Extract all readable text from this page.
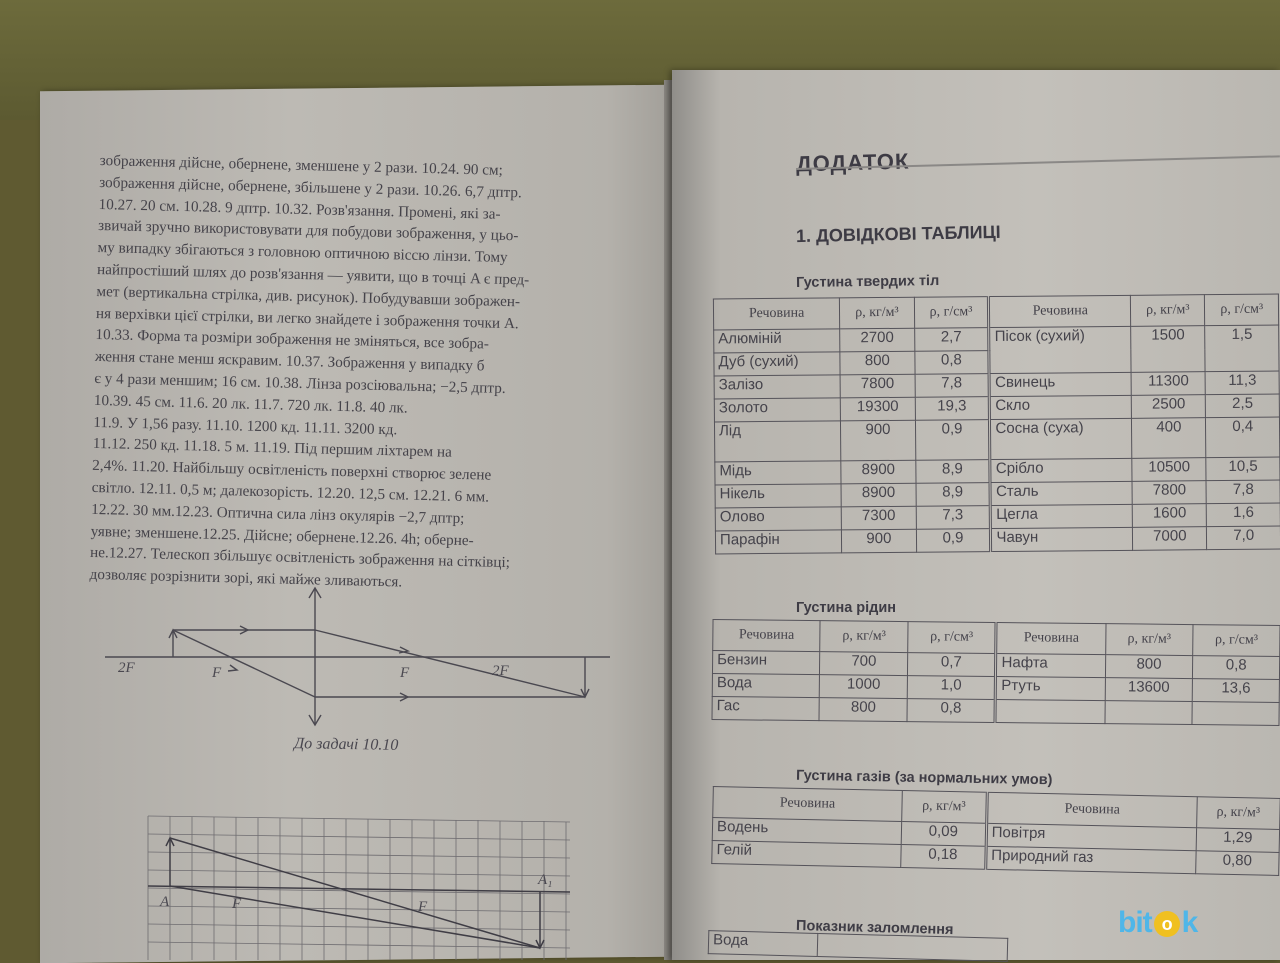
зображення дійсне, обернене, зменшене у 2 рази. 10.24. 90 см;

зображення дійсне, обернене, збільшене у 2 рази. 10.26. 6,7 дптр.

10.27. 20 см. 10.28. 9 дптр. 10.32. Розв'язання. Промені, які за-

звичай зручно використовувати для побудови зображення, у цьо-

му випадку збігаються з головною оптичною віссю лінзи. Тому

найпростіший шлях до розв'язання — уявити, що в точці A є пред-

мет (вертикальна стрілка, див. рисунок). Побудувавши зображен-

ня верхівки цієї стрілки, ви легко знайдете і зображення точки A.

10.33. Форма та розміри зображення не зміняться, все зобра-

ження стане менш яскравим. 10.37. Зображення у випадку б

є у 4 рази меншим; 16 см. 10.38. Лінза розсіювальна; −2,5 дптр.

10.39. 45 см. 11.6. 20 лк. 11.7. 720 лк. 11.8. 40 лк.

11.9. У 1,56 разу. 11.10. 1200 кд. 11.11. 3200 кд.

11.12. 250 кд. 11.18. 5 м. 11.19. Під першим ліхтарем на

2,4%. 11.20. Найбільшу освітленість поверхні створює зелене

світло. 12.11. 0,5 м; далекозорість. 12.20. 12,5 см. 12.21. 6 мм.

12.22. 30 мм.12.23. Оптична сила лінз окулярів −2,7 дптр;

уявне; зменшене.12.25. Дійсне; обернене.12.26. 4h; оберне-

не.12.27. Телескоп збільшує освітленість зображення на сітківці;

дозволяє розрізнити зорі, які майже зливаються.

2F	F	F	2F
До задачі 10.10
A	F	F
A₁
ДОДАТОК
1. ДОВІДКОВІ ТАБЛИЦІ
Густина твердих тіл
Речовина	ρ, кг/м³	ρ, г/см³	Речовина	ρ, кг/м³	ρ, г/см³
Алюміній	2700	2,7	Пісок (сухий)	1500	1,5
Дуб (сухий)	800	0,8			
Залізо	7800	7,8	Свинець	11300	11,3
Золото	19300	19,3	Скло	2500	2,5
Лід	900	0,9	Сосна (суха)	400	0,4
Мідь	8900	8,9	Срібло	10500	10,5
Нікель	8900	8,9	Сталь	7800	7,8
Олово	7300	7,3	Цегла	1600	1,6
Парафін	900	0,9	Чавун	7000	7,0
Густина рідин
Речовина	ρ, кг/м³	ρ, г/см³	Речовина	ρ, кг/м³	ρ, г/см³
Бензин	700	0,7	Нафта	800	0,8
Вода	1000	1,0	Ртуть	13600	13,6
Гас	800	0,8			
Густина газів (за нормальних умов)
Речовина	ρ, кг/м³	Речовина	ρ, кг/м³
Водень	0,09	Повітря	1,29
Гелій	0,18	Природний газ	0,80
Показник заломлення
Вода	
bit o k
